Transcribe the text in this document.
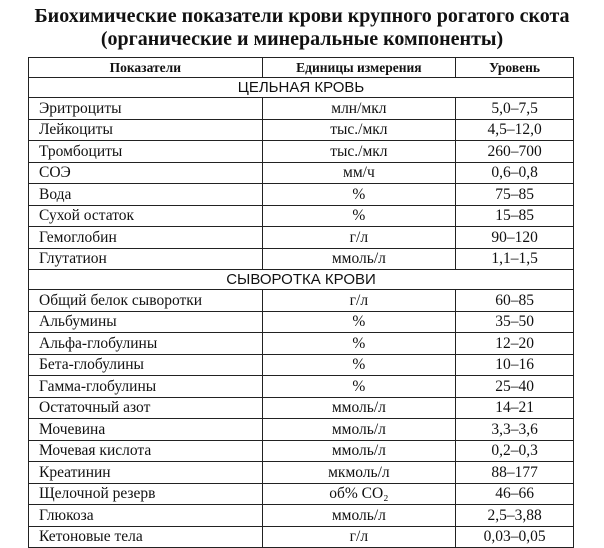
Биохимические показатели крови крупного рогатого скота
(органические и минеральные компоненты)
Показатели	Единицы измерения	Уровень
ЦЕЛЬНАЯ КРОВЬ		
Эритроциты	млн/мкл	5,0–7,5
Лейкоциты	тыс./мкл	4,5–12,0
Тромбоциты	тыс./мкл	260–700
СОЭ	мм/ч	0,6–0,8
Вода	%	75–85
Сухой остаток	%	15–85
Гемоглобин	г/л	90–120
Глутатион	ммоль/л	1,1–1,5
СЫВОРОТКА КРОВИ		
Общий белок сыворотки	г/л	60–85
Альбумины	%	35–50
Альфа-глобулины	%	12–20
Бета-глобулины	%	10–16
Гамма-глобулины	%	25–40
Остаточный азот	ммоль/л	14–21
Мочевина	ммоль/л	3,3–3,6
Мочевая кислота	ммоль/л	0,2–0,3
Креатинин	мкмоль/л	88–177
Щелочной резерв	об% CO₂	46–66
Глюкоза	ммоль/л	2,5–3,88
Кетоновые тела	г/л	0,03–0,05
